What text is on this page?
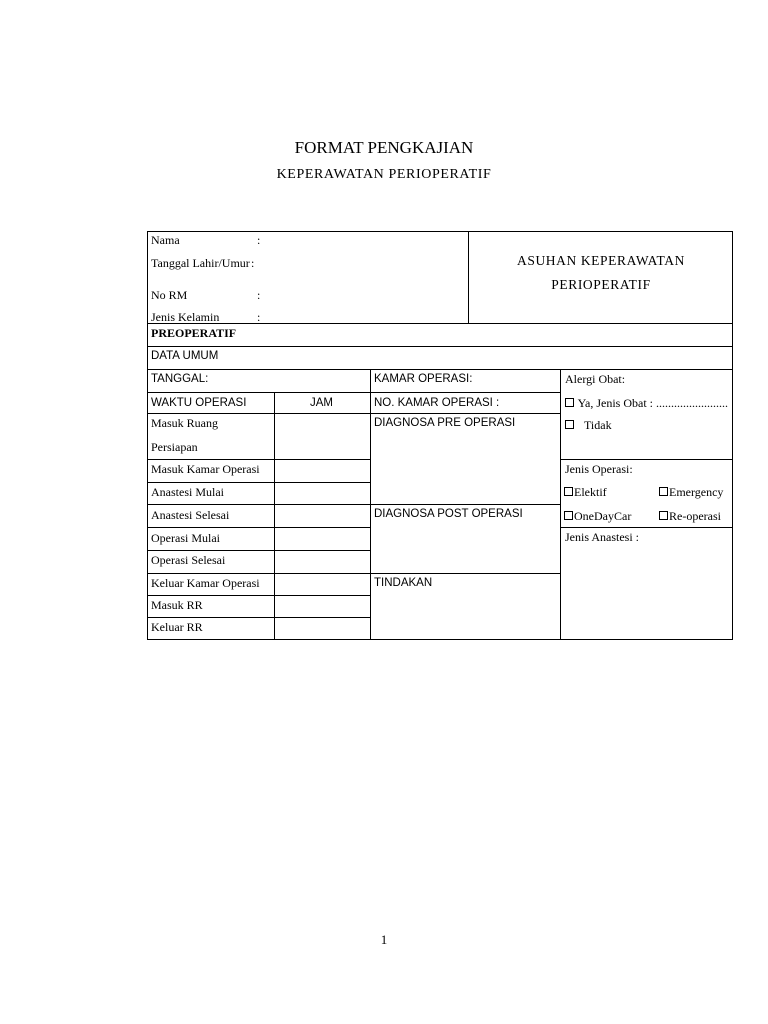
FORMAT PENGKAJIAN
KEPERAWATAN PERIOPERATIF
Nama	:
Tanggal Lahir/Umur :
No RM	:
Jenis Kelamin	:
ASUHAN KEPERAWATAN
PERIOPERATIF
PREOPERATIF
DATA UMUM
TANGGAL:
WAKTU OPERASI	JAM
Masuk Ruang
Persiapan
Masuk Kamar Operasi
Anastesi Mulai
Anastesi Selesai
Operasi Mulai
Operasi Selesai
Keluar Kamar Operasi
Masuk RR
Keluar RR
KAMAR OPERASI:
NO. KAMAR OPERASI :
DIAGNOSA PRE OPERASI
DIAGNOSA POST OPERASI
TINDAKAN
Alergi Obat:
Ya, Jenis Obat : ........................
Tidak
Jenis Operasi:
Elektif	Emergency
OneDayCar	Re-operasi
Jenis Anastesi :
1
